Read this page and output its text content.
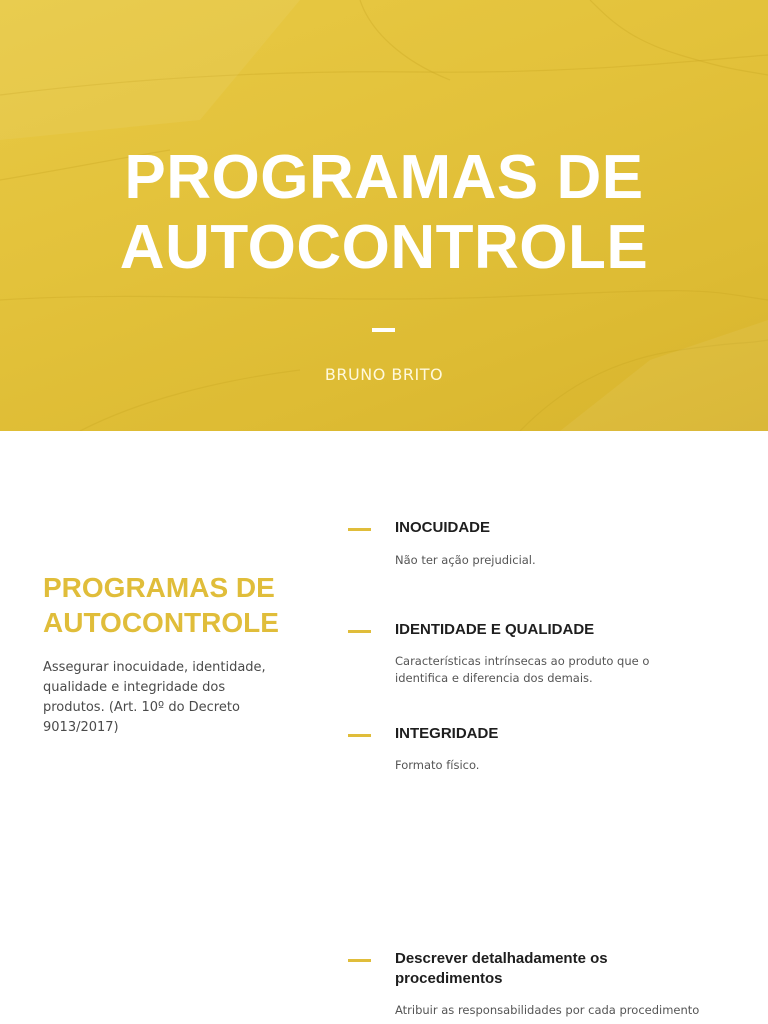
PROGRAMAS DE
AUTOCONTROLE
BRUNO BRITO
PROGRAMAS DE
AUTOCONTROLE

Assegurar inocuidade, identidade, qualidade e integridade dos produtos. (Art. 10º do Decreto 9013/2017)

INOCUIDADE
Não ter ação prejudicial.
IDENTIDADE E QUALIDADE
Características intrínsecas ao produto que o identifica e diferencia dos demais.
INTEGRIDADE
Formato físico.
Descrever detalhadamente os procedimentos
Atribuir as responsabilidades por cada procedimento
